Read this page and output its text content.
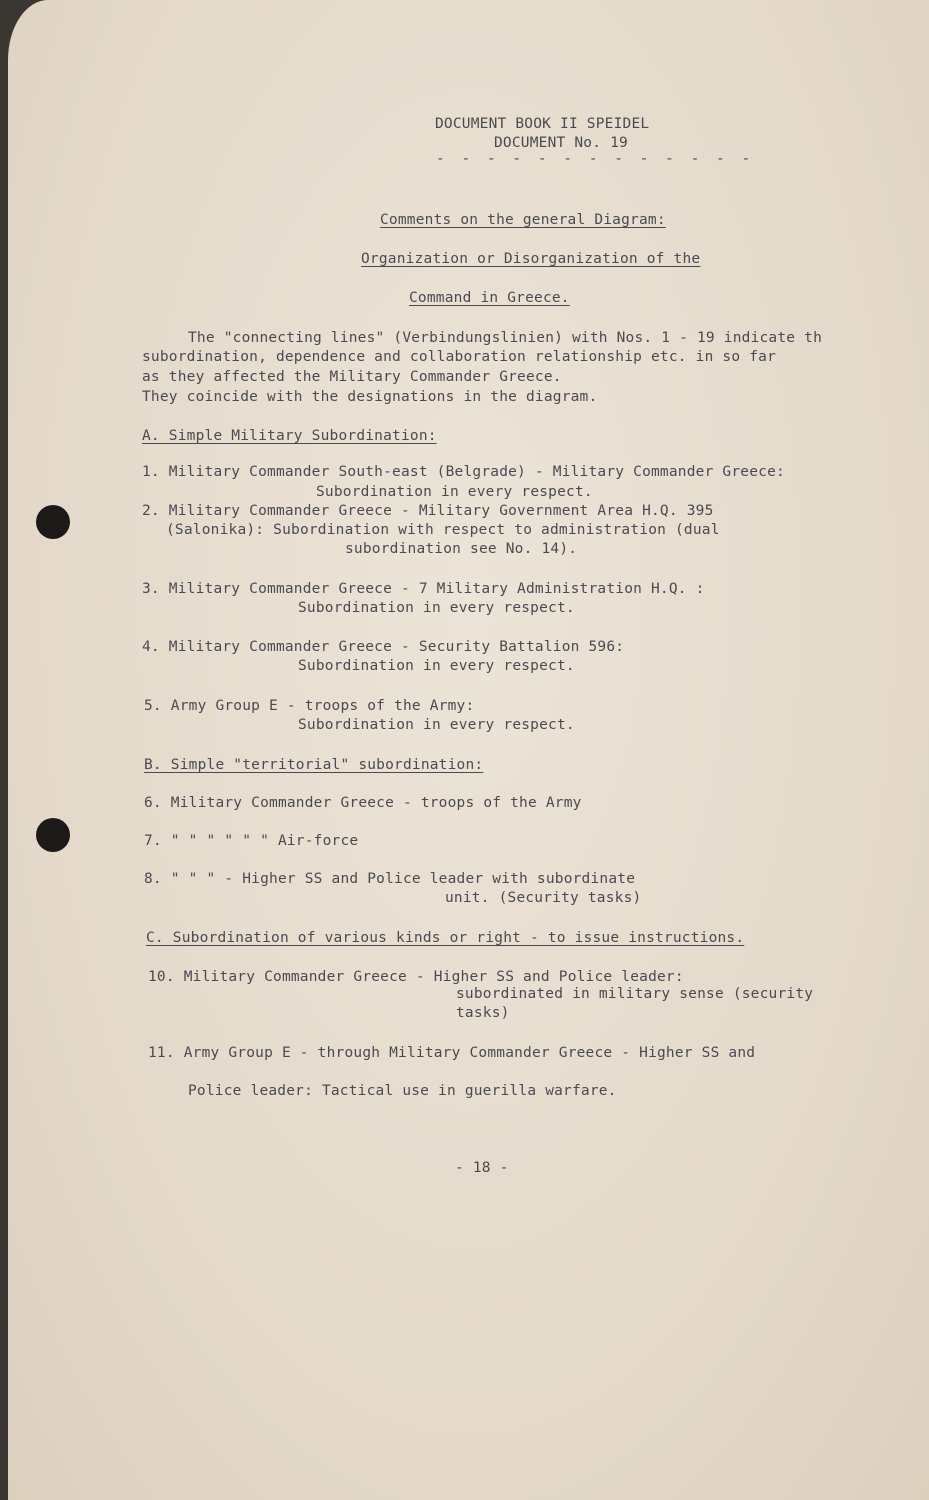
DOCUMENT BOOK II SPEIDEL
DOCUMENT No. 19
- - - - - - - - - - - - -
Comments on the general Diagram:
Organization or Disorganization of the
Command in Greece.
The "connecting lines" (Verbindungslinien) with Nos. 1 - 19 indicate th
subordination, dependence and collaboration relationship etc. in so far
as they affected the Military Commander Greece.
They coincide with the designations in the diagram.
A. Simple Military Subordination:
1. Military Commander South-east (Belgrade) - Military Commander Greece:
Subordination in every respect.
2. Military Commander Greece - Military Government Area H.Q. 395
(Salonika): Subordination with respect to administration (dual
subordination see No. 14).
3. Military Commander Greece - 7 Military Administration H.Q. :
Subordination in every respect.
4. Military Commander Greece - Security Battalion 596:
Subordination in every respect.
5. Army Group E - troops of the Army:
Subordination in every respect.
B. Simple "territorial" subordination:
6. Military Commander Greece - troops of the Army
7. " " " " " " Air-force
8. " " " - Higher SS and Police leader with subordinate
unit. (Security tasks)
C. Subordination of various kinds or right - to issue instructions.
10. Military Commander Greece - Higher SS and Police leader:
subordinated in military sense (security
tasks)
11. Army Group E - through Military Commander Greece - Higher SS and
Police leader: Tactical use in guerilla warfare.
- 18 -
